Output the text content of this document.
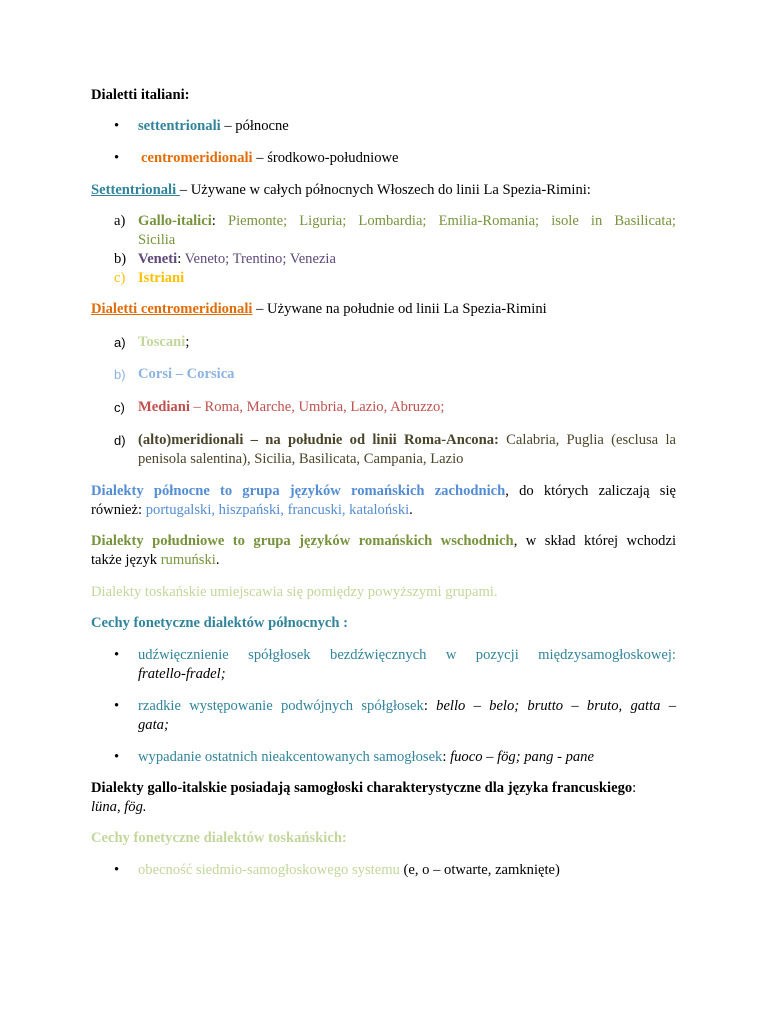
Dialetti italiani:

• settentrionali – północne
• centromeridionali – środkowo-południowe

Settentrionali – Używane w całych północnych Włoszech do linii La Spezia-Rimini:

a) Gallo-italici: Piemonte; Liguria; Lombardia; Emilia-Romania; isole in Basilicata;
Sicilia
b) Veneti: Veneto; Trentino; Venezia
c) Istriani

Dialetti centromeridionali – Używane na południe od linii La Spezia-Rimini

a) Toscani;
b) Corsi – Corsica
c) Mediani – Roma, Marche, Umbria, Lazio, Abruzzo;
d) (alto)meridionali – na południe od linii Roma-Ancona: Calabria, Puglia (esclusa la
penisola salentina), Sicilia, Basilicata, Campania, Lazio
Dialekty północne to grupa języków romańskich zachodnich, do których zaliczają się
również: portugalski, hiszpański, francuski, kataloński.
Dialekty południowe to grupa języków romańskich wschodnich, w skład której wchodzi
także język rumuński.

Dialekty toskańskie umiejscawia się pomiędzy powyższymi grupami.

Cechy fonetyczne dialektów północnych :

• udźwięcznienie spółgłosek bezdźwięcznych w pozycji międzysamogłoskowej:
fratello-fradel;
• rzadkie występowanie podwójnych spółgłosek: bello – belo; brutto – bruto, gatta –
gata;
• wypadanie ostatnich nieakcentowanych samogłosek: fuoco – fög; pang - pane
Dialekty gallo-italskie posiadają samogłoski charakterystyczne dla języka francuskiego:
lüna, fög.

Cechy fonetyczne dialektów toskańskich:

• obecność siedmio-samogłoskowego systemu (e, o – otwarte, zamknięte)
